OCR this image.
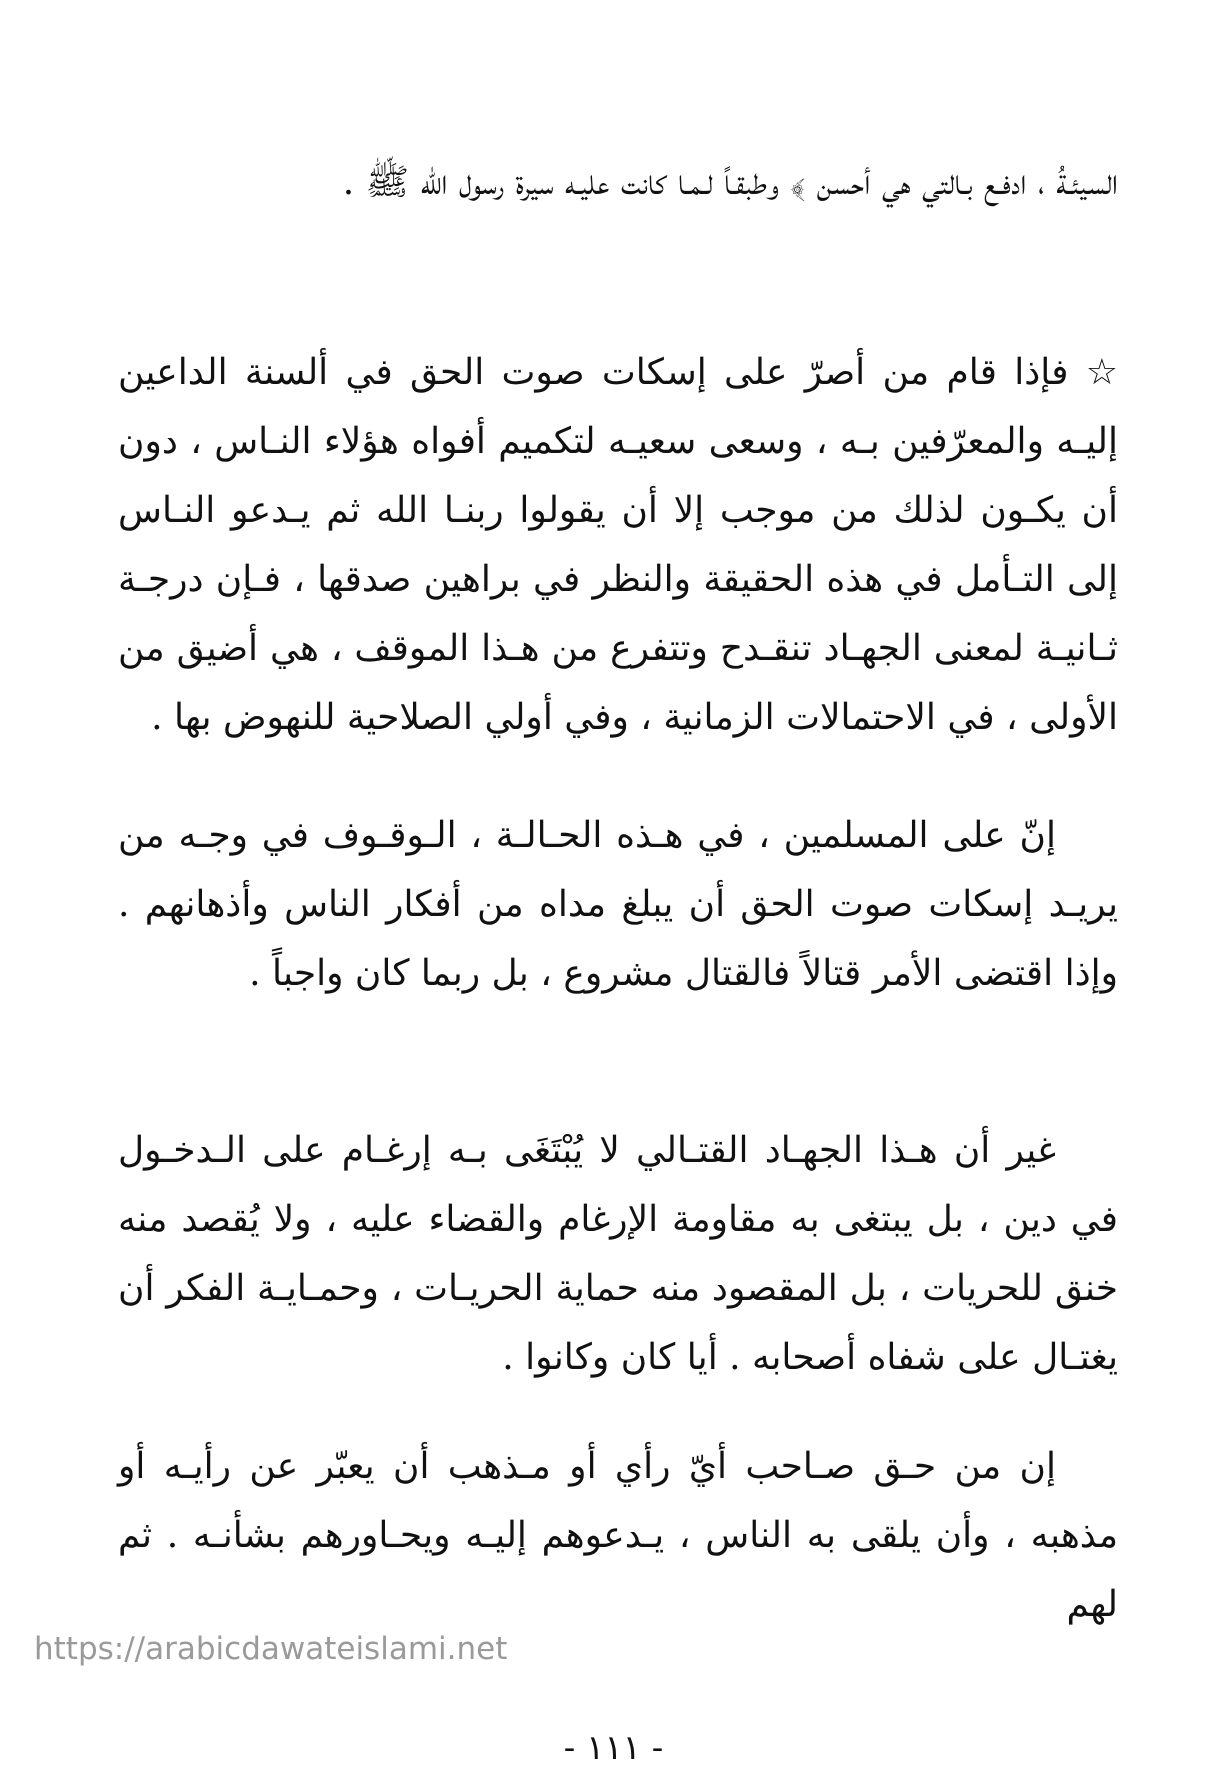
السيئـةُ ، ادفـع بـالتي هي أحسن ﴾ وطبقـاً لـمـا كانت عليـه سيرة رسول الله ﷺ .

☆ فإذا قام من أصرّ على إسكات صوت الحق في ألسنة الداعين إليـه والمعرّفين بـه ، وسعى سعيـه لتكميم أفواه هؤلاء النـاس ، دون أن يكـون لذلك من موجب إلا أن يقولوا ربنـا الله ثم يـدعو النـاس إلى التـأمل في هذه الحقيقة والنظر في براهين صدقها ، فـإن درجـة ثـانيـة لمعنى الجهـاد تنقـدح وتتفرع من هـذا الموقف ، هي أضيق من الأولى ، في الاحتمالات الزمانية ، وفي أولي الصلاحية للنهوض بها .

إنّ على المسلمين ، في هـذه الحـالـة ، الـوقـوف في وجـه من يريـد إسكات صوت الحق أن يبلغ مداه من أفكار الناس وأذهانهم . وإذا اقتضى الأمر قتالاً فالقتال مشروع ، بل ربما كان واجباً .

غير أن هـذا الجهـاد القتـالي لا يُبْتَغَى بـه إرغـام على الـدخـول في دين ، بل يبتغى به مقاومة الإرغام والقضاء عليه ، ولا يُقصد منه خنق للحريات ، بل المقصود منه حماية الحريـات ، وحمـايـة الفكر أن يغتـال على شفاه أصحابه . أيا كان وكانوا .

إن من حـق صـاحب أيّ رأي أو مـذهب أن يعبّر عن رأيـه أو مذهبه ، وأن يلقى به الناس ، يـدعوهم إليـه ويحـاورهم بشأنـه . ثم لهم

https://arabicdawateislami.net
- ١١١ -
